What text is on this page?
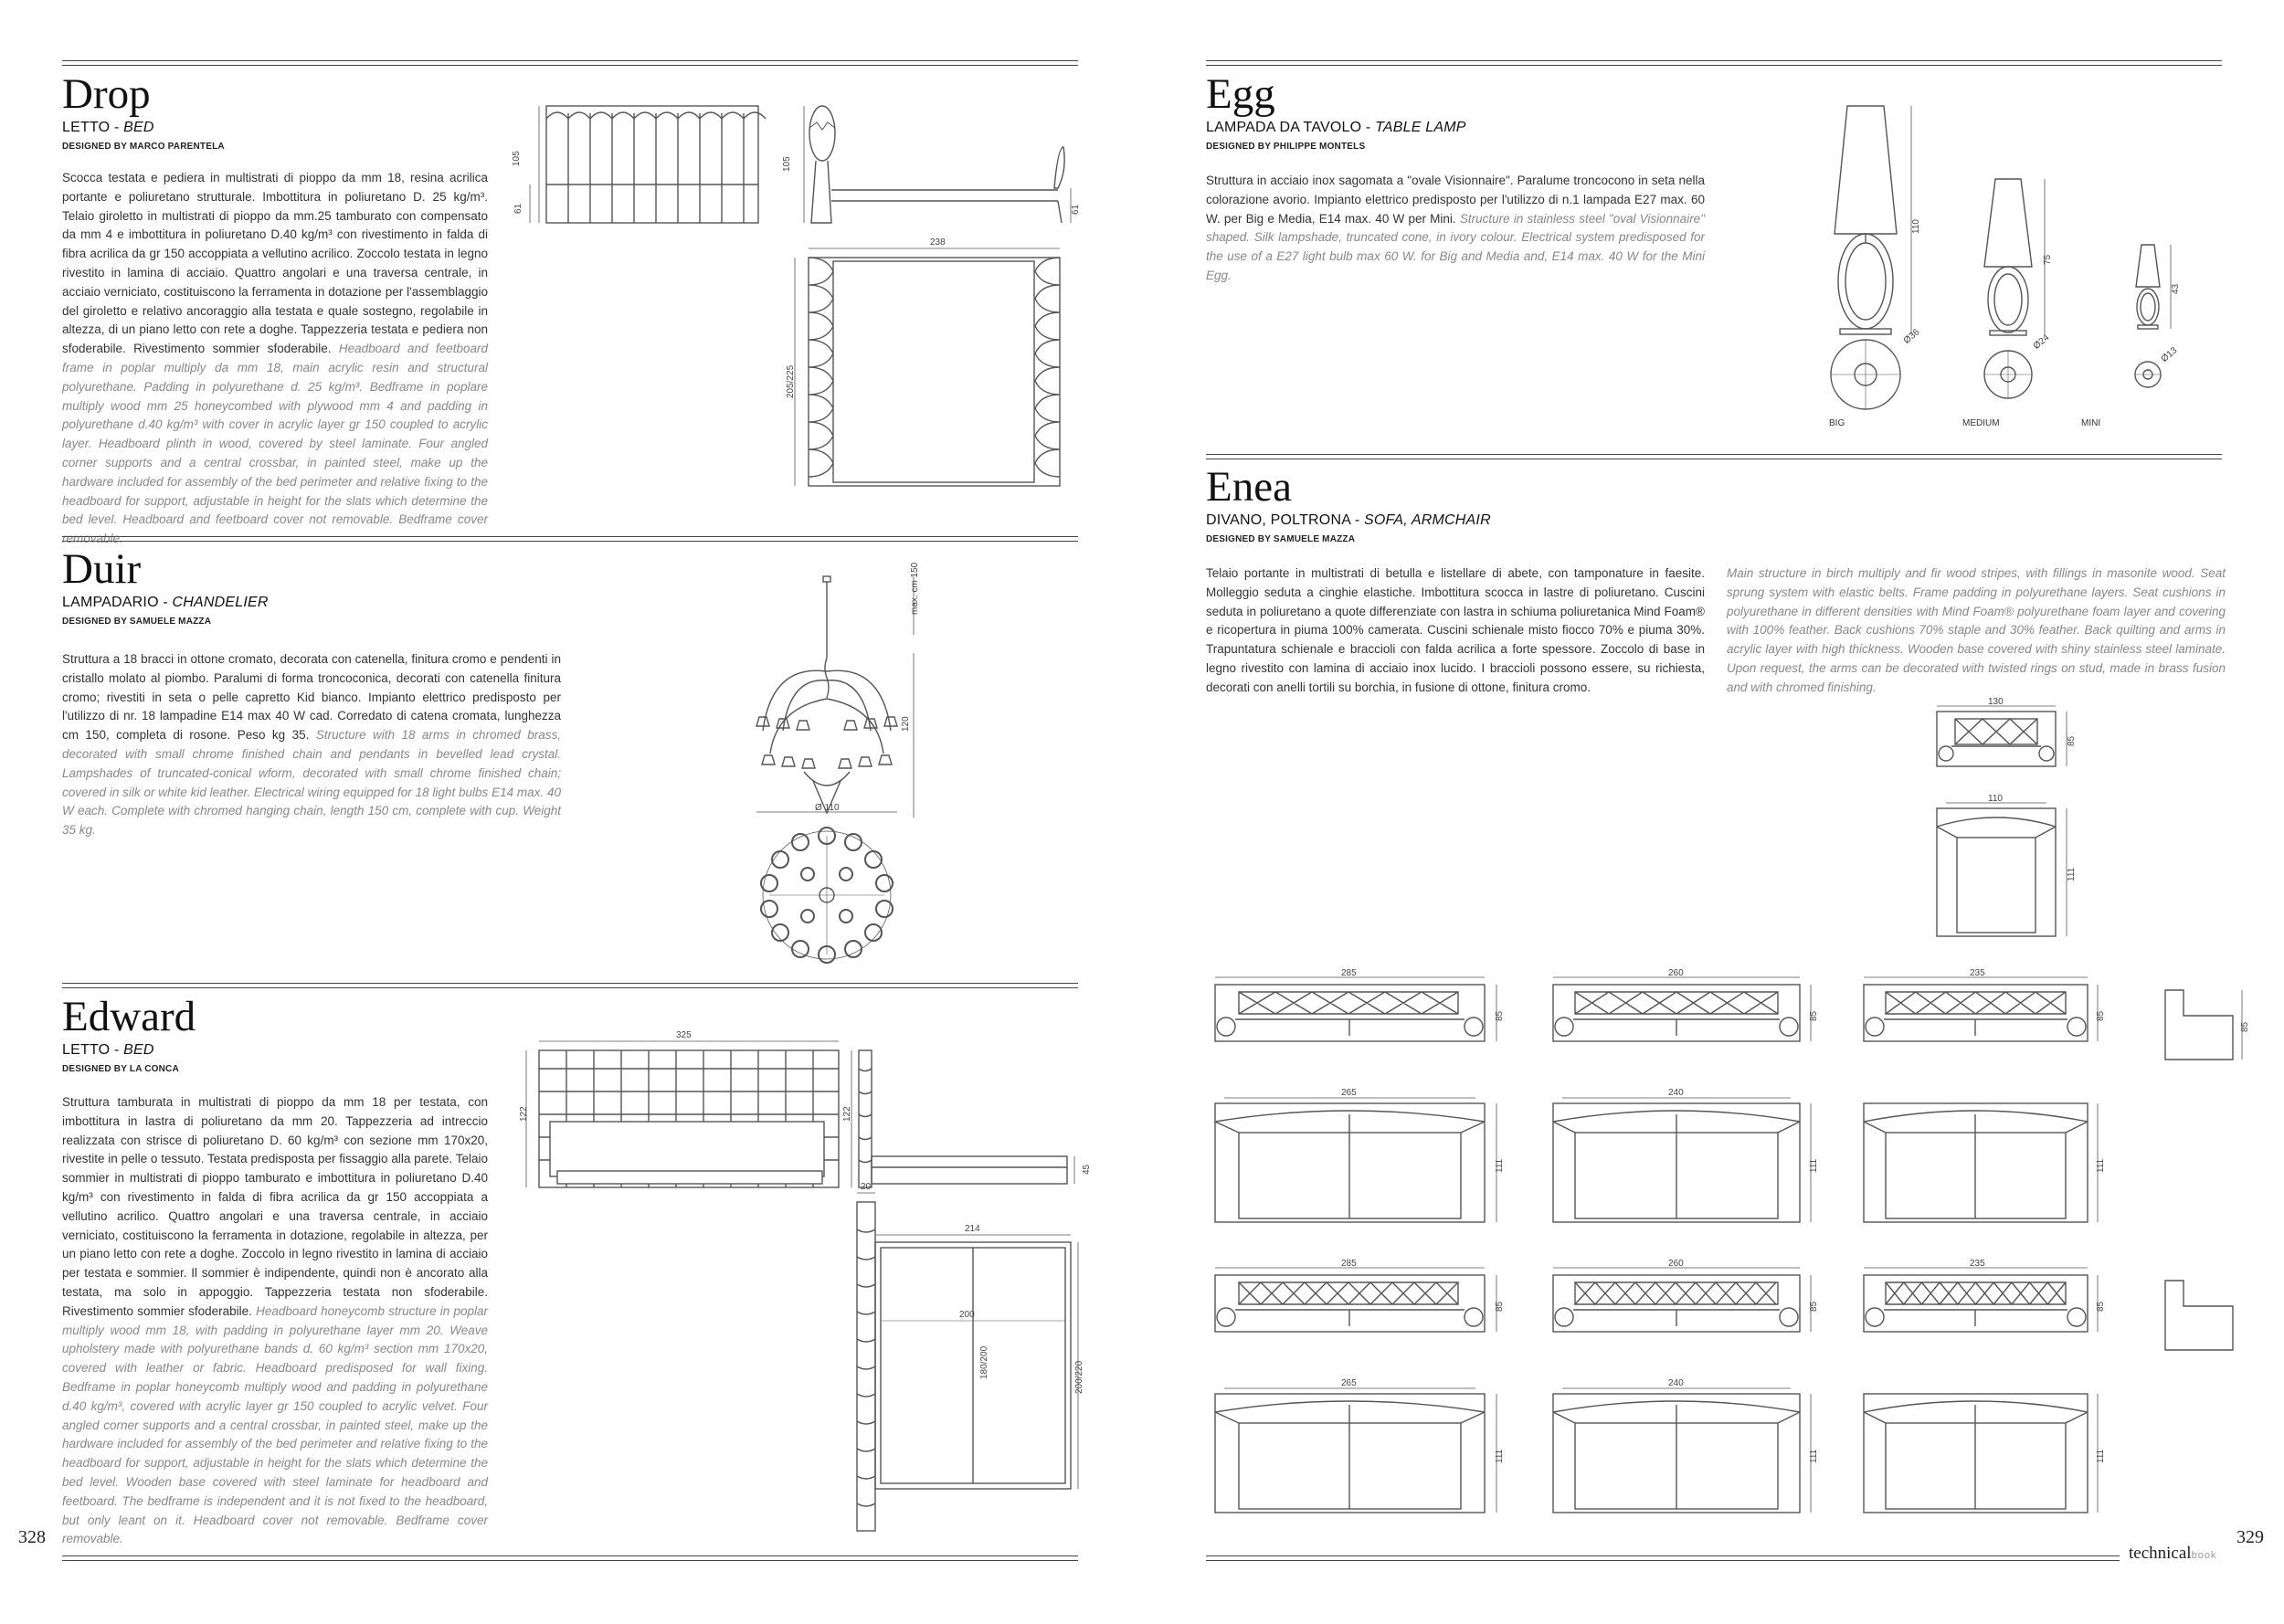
Drop
LETTO - BED
DESIGNED BY MARCO PARENTELA
Scocca testata e pediera in multistrati di pioppo da mm 18, resina acrilica portante e poliuretano strutturale. Imbottitura in poliuretano D. 25 kg/m³. Telaio giroletto in multistrati di pioppo da mm.25 tamburato con compensato da mm 4 e imbottitura in poliuretano D.40 kg/m³ con rivestimento in falda di fibra acrilica da gr 150 accoppiata a vellutino acrilico. Zoccolo testata in legno rivestito in lamina di acciaio. Quattro angolari e una traversa centrale, in acciaio verniciato, costituiscono la ferramenta in dotazione per l'assemblaggio del giroletto e relativo ancoraggio alla testata e quale sostegno, regolabile in altezza, di un piano letto con rete a doghe. Tappezzeria testata e pediera non sfoderabile. Rivestimento sommier sfoderabile. Headboard and feetboard frame in poplar multiply da mm 18, main acrylic resin and structural polyurethane. Padding in polyurethane d. 25 kg/m³. Bedframe in poplare multiply wood mm 25 honeycombed with plywood mm 4 and padding in polyurethane d.40 kg/m³ with cover in acrylic layer gr 150 coupled to acrylic layer. Headboard plinth in wood, covered by steel laminate. Four angled corner supports and a central crossbar, in painted steel, make up the hardware included for assembly of the bed perimeter and relative fixing to the headboard for support, adjustable in height for the slats which determine the bed level. Headboard and feetboard cover not removable. Bedframe cover removable.
105
61
105
61
238
205/225
Duir
LAMPADARIO - CHANDELIER
DESIGNED BY SAMUELE MAZZA
Struttura a 18 bracci in ottone cromato, decorata con catenella, finitura cromo e pendenti in cristallo molato al piombo. Paralumi di forma troncoconica, decorati con catenella finitura cromo; rivestiti in seta o pelle capretto Kid bianco. Impianto elettrico predisposto per l'utilizzo di nr. 18 lampadine E14 max 40 W cad. Corredato di catena cromata, lunghezza cm 150, completa di rosone. Peso kg 35. Structure with 18 arms in chromed brass, decorated with small chrome finished chain and pendants in bevelled lead crystal. Lampshades of truncated-conical wform, decorated with small chrome finished chain; covered in silk or white kid leather. Electrical wiring equipped for 18 light bulbs E14 max. 40 W each. Complete with chromed hanging chain, length 150 cm, complete with cup. Weight 35 kg.
max. cm 150
120
Ø 110
Edward
LETTO - BED
DESIGNED BY LA CONCA
Struttura tamburata in multistrati di pioppo da mm 18 per testata, con imbottitura in lastra di poliuretano da mm 20. Tappezzeria ad intreccio realizzata con strisce di poliuretano D. 60 kg/m³ con sezione mm 170x20, rivestite in pelle o tessuto. Testata predisposta per fissaggio alla parete. Telaio sommier in multistrati di pioppo tamburato e imbottitura in poliuretano D.40 kg/m³ con rivestimento in falda di fibra acrilica da gr 150 accoppiata a vellutino acrilico. Quattro angolari e una traversa centrale, in acciaio verniciato, costituiscono la ferramenta in dotazione, regolabile in altezza, per un piano letto con rete a doghe. Zoccolo in legno rivestito in lamina di acciaio per testata e sommier. Il sommier è indipendente, quindi non è ancorato alla testata, ma solo in appoggio. Tappezzeria testata non sfoderabile. Rivestimento sommier sfoderabile. Headboard honeycomb structure in poplar multiply wood mm 18, with padding in polyurethane layer mm 20. Weave upholstery made with polyurethane bands d. 60 kg/m³ section mm 170x20, covered with leather or fabric. Headboard predisposed for wall fixing. Bedframe in poplar honeycomb multiply wood and padding in polyurethane d.40 kg/m³, covered with acrylic layer gr 150 coupled to acrylic velvet. Four angled corner supports and a central crossbar, in painted steel, make up the hardware included for assembly of the bed perimeter and relative fixing to the headboard for support, adjustable in height for the slats which determine the bed level. Wooden base covered with steel laminate for headboard and feetboard. The bedframe is independent and it is not fixed to the headboard, but only leant on it. Headboard cover not removable. Bedframe cover removable.
325
122	122
45
20
214
200
180/200	200/220
328
Egg
LAMPADA DA TAVOLO - TABLE LAMP
DESIGNED BY PHILIPPE MONTELS
Struttura in acciaio inox sagomata a "ovale Visionnaire". Paralume troncocono in seta nella colorazione avorio. Impianto elettrico predisposto per l'utilizzo di n.1 lampada E27 max. 60 W. per Big e Media, E14 max. 40 W per Mini. Structure in stainless steel "oval Visionnaire" shaped. Silk lampshade, truncated cone, in ivory colour. Electrical system predisposed for the use of a E27 light bulb max 60 W. for Big and Media and, E14 max. 40 W for the Mini Egg.
110
Ø36
75
Ø24
43
Ø13
BIG	MEDIUM	MINI
Enea
DIVANO, POLTRONA - SOFA, ARMCHAIR
DESIGNED BY SAMUELE MAZZA
Telaio portante in multistrati di betulla e listellare di abete, con tamponature in faesite. Molleggio seduta a cinghie elastiche. Imbottitura scocca in lastre di poliuretano. Cuscini seduta in poliuretano a quote differenziate con lastra in schiuma poliuretanica Mind Foam® e ricopertura in piuma 100% camerata. Cuscini schienale misto fiocco 70% e piuma 30%. Trapuntatura schienale e braccioli con falda acrilica a forte spessore. Zoccolo di base in legno rivestito con lamina di acciaio inox lucido. I braccioli possono essere, su richiesta, decorati con anelli tortili su borchia, in fusione di ottone, finitura cromo.
Main structure in birch multiply and fir wood stripes, with fillings in masonite wood. Seat sprung system with elastic belts. Frame padding in polyurethane layers. Seat cushions in polyurethane in different densities with Mind Foam® polyurethane foam layer and covering with 100% feather. Back cushions 70% staple and 30% feather. Back quilting and arms in acrylic layer with high thickness. Wooden base covered with shiny stainless steel laminate. Upon request, the arms can be decorated with twisted rings on stud, made in brass fusion and with chromed finishing.
130
85
110
111
285
85
265
111
260
85
240
111
235
85
111
85
285
85
265
111
260
85
240
111
235
85
111
329
technicalbook
